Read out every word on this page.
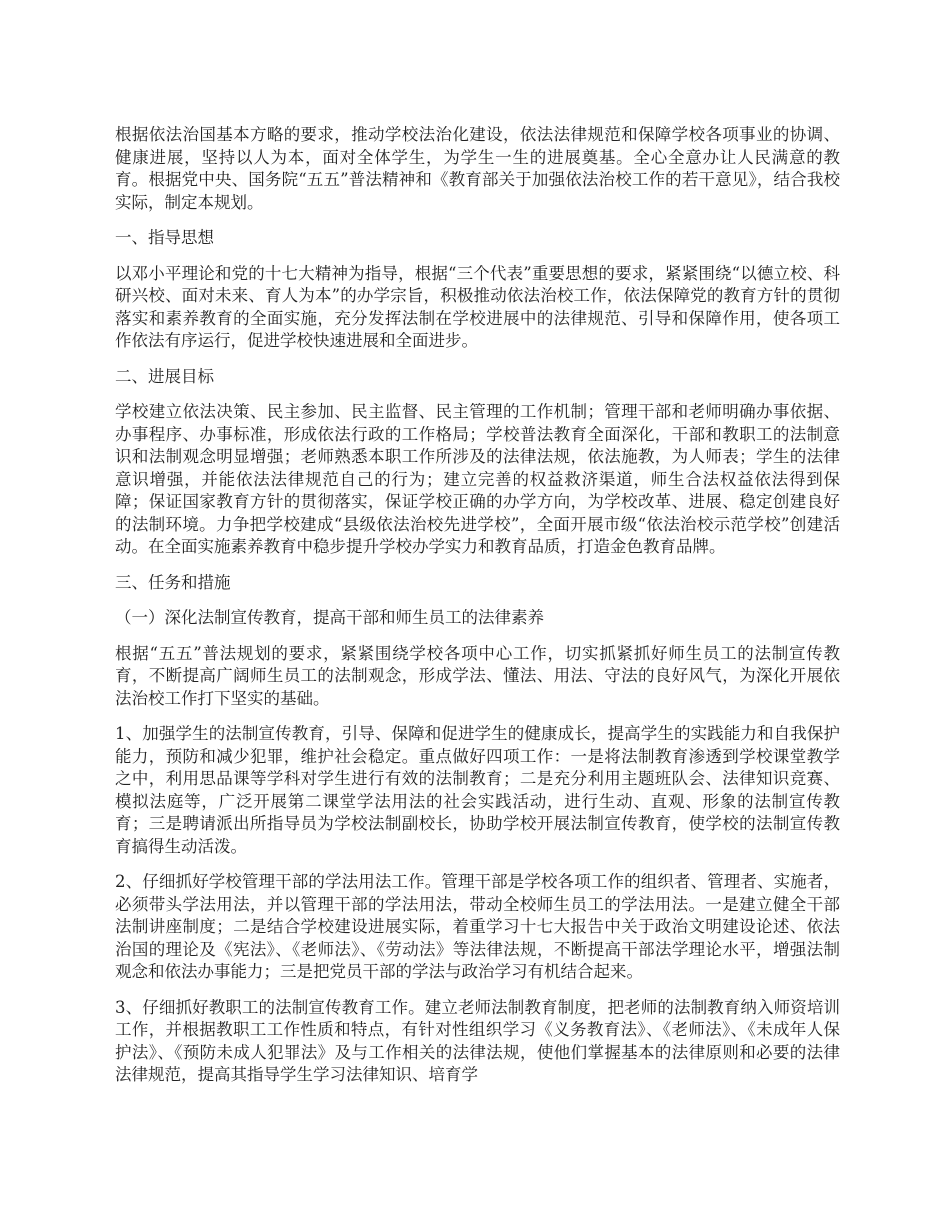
根据依法治国基本方略的要求，推动学校法治化建设，依法法律规范和保障学校各项事业的协调、健康进展，坚持以人为本，面对全体学生，为学生一生的进展奠基。全心全意办让人民满意的教育。根据党中央、国务院“五五”普法精神和《教育部关于加强依法治校工作的若干意见》，结合我校实际，制定本规划。

一、指导思想

以邓小平理论和党的十七大精神为指导，根据“三个代表”重要思想的要求，紧紧围绕“以德立校、科研兴校、面对未来、育人为本”的办学宗旨，积极推动依法治校工作，依法保障党的教育方针的贯彻落实和素养教育的全面实施，充分发挥法制在学校进展中的法律规范、引导和保障作用，使各项工作依法有序运行，促进学校快速进展和全面进步。

二、进展目标

学校建立依法决策、民主参加、民主监督、民主管理的工作机制；管理干部和老师明确办事依据、办事程序、办事标准，形成依法行政的工作格局；学校普法教育全面深化，干部和教职工的法制意识和法制观念明显增强；老师熟悉本职工作所涉及的法律法规，依法施教，为人师表；学生的法律意识增强，并能依法法律规范自己的行为；建立完善的权益救济渠道，师生合法权益依法得到保障；保证国家教育方针的贯彻落实，保证学校正确的办学方向，为学校改革、进展、稳定创建良好的法制环境。力争把学校建成“县级依法治校先进学校”，全面开展市级“依法治校示范学校”创建活动。在全面实施素养教育中稳步提升学校办学实力和教育品质，打造金色教育品牌。

三、任务和措施

（一）深化法制宣传教育，提高干部和师生员工的法律素养

根据“五五”普法规划的要求，紧紧围绕学校各项中心工作，切实抓紧抓好师生员工的法制宣传教育，不断提高广阔师生员工的法制观念，形成学法、懂法、用法、守法的良好风气，为深化开展依法治校工作打下坚实的基础。

1、加强学生的法制宣传教育，引导、保障和促进学生的健康成长，提高学生的实践能力和自我保护能力，预防和减少犯罪，维护社会稳定。重点做好四项工作：一是将法制教育渗透到学校课堂教学之中，利用思品课等学科对学生进行有效的法制教育；二是充分利用主题班队会、法律知识竞赛、模拟法庭等，广泛开展第二课堂学法用法的社会实践活动，进行生动、直观、形象的法制宣传教育；三是聘请派出所指导员为学校法制副校长，协助学校开展法制宣传教育，使学校的法制宣传教育搞得生动活泼。

2、仔细抓好学校管理干部的学法用法工作。管理干部是学校各项工作的组织者、管理者、实施者，必须带头学法用法，并以管理干部的学法用法，带动全校师生员工的学法用法。一是建立健全干部法制讲座制度；二是结合学校建设进展实际，着重学习十七大报告中关于政治文明建设论述、依法治国的理论及《宪法》、《老师法》、《劳动法》等法律法规，不断提高干部法学理论水平，增强法制观念和依法办事能力；三是把党员干部的学法与政治学习有机结合起来。

3、仔细抓好教职工的法制宣传教育工作。建立老师法制教育制度，把老师的法制教育纳入师资培训工作，并根据教职工工作性质和特点，有针对性组织学习《义务教育法》、《老师法》、《未成年人保护法》、《预防未成人犯罪法》及与工作相关的法律法规，使他们掌握基本的法律原则和必要的法律法律规范，提高其指导学生学习法律知识、培育学
